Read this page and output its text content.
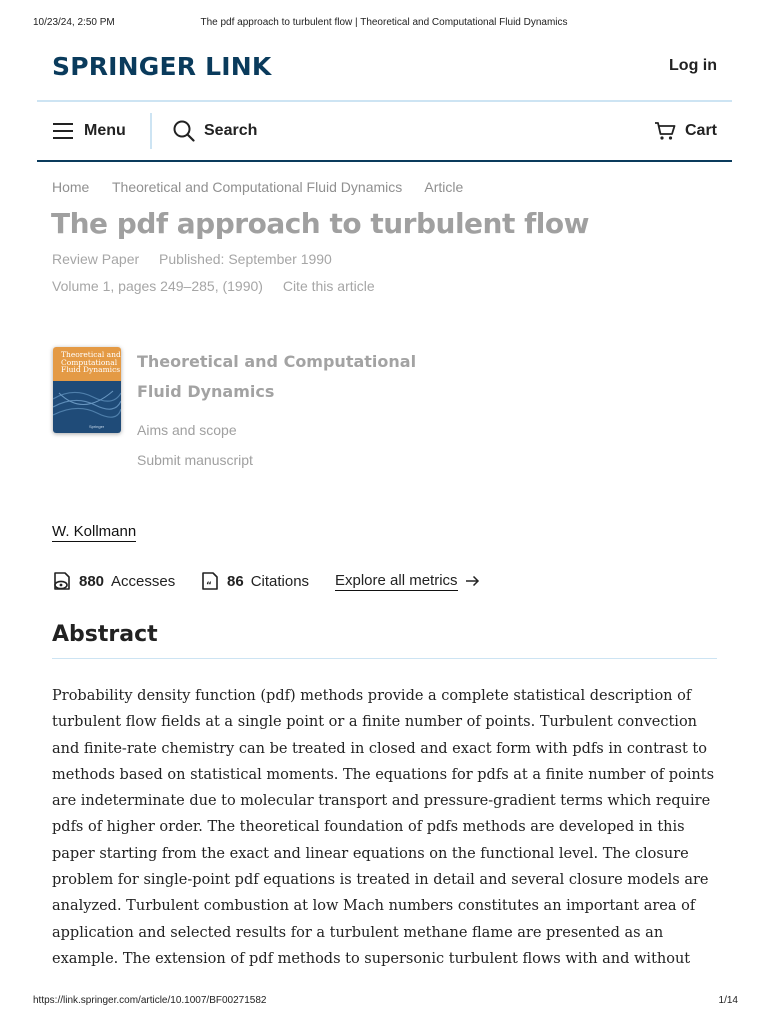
10/23/24, 2:50 PM	The pdf approach to turbulent flow | Theoretical and Computational Fluid Dynamics
SPRINGER LINK	Log in
Menu	Search	Cart
Home Theoretical and Computational Fluid Dynamics Article
The pdf approach to turbulent flow
Review Paper Published: September 1990
Volume 1, pages 249–285, (1990) Cite this article
Theoretical and Computational Fluid Dynamics
Springer
Theoretical and Computational Fluid Dynamics
Aims and scope
Submit manuscript
W. Kollmann
880 Accesses	“ 86 Citations Explore all metrics
Abstract

Probability density function (pdf) methods provide a complete statistical description of turbulent flow fields at a single point or a finite number of points. Turbulent convection and finite-rate chemistry can be treated in closed and exact form with pdfs in contrast to methods based on statistical moments. The equations for pdfs at a finite number of points are indeterminate due to molecular transport and pressure-gradient terms which require pdfs of higher order. The theoretical foundation of pdfs methods are developed in this paper starting from the exact and linear equations on the functional level. The closure problem for single-point pdf equations is treated in detail and several closure models are analyzed. Turbulent combustion at low Mach numbers constitutes an important area of application and selected results for a turbulent methane flame are presented as an example. The extension of pdf methods to supersonic turbulent flows with and without

https://link.springer.com/article/10.1007/BF00271582	1/14
